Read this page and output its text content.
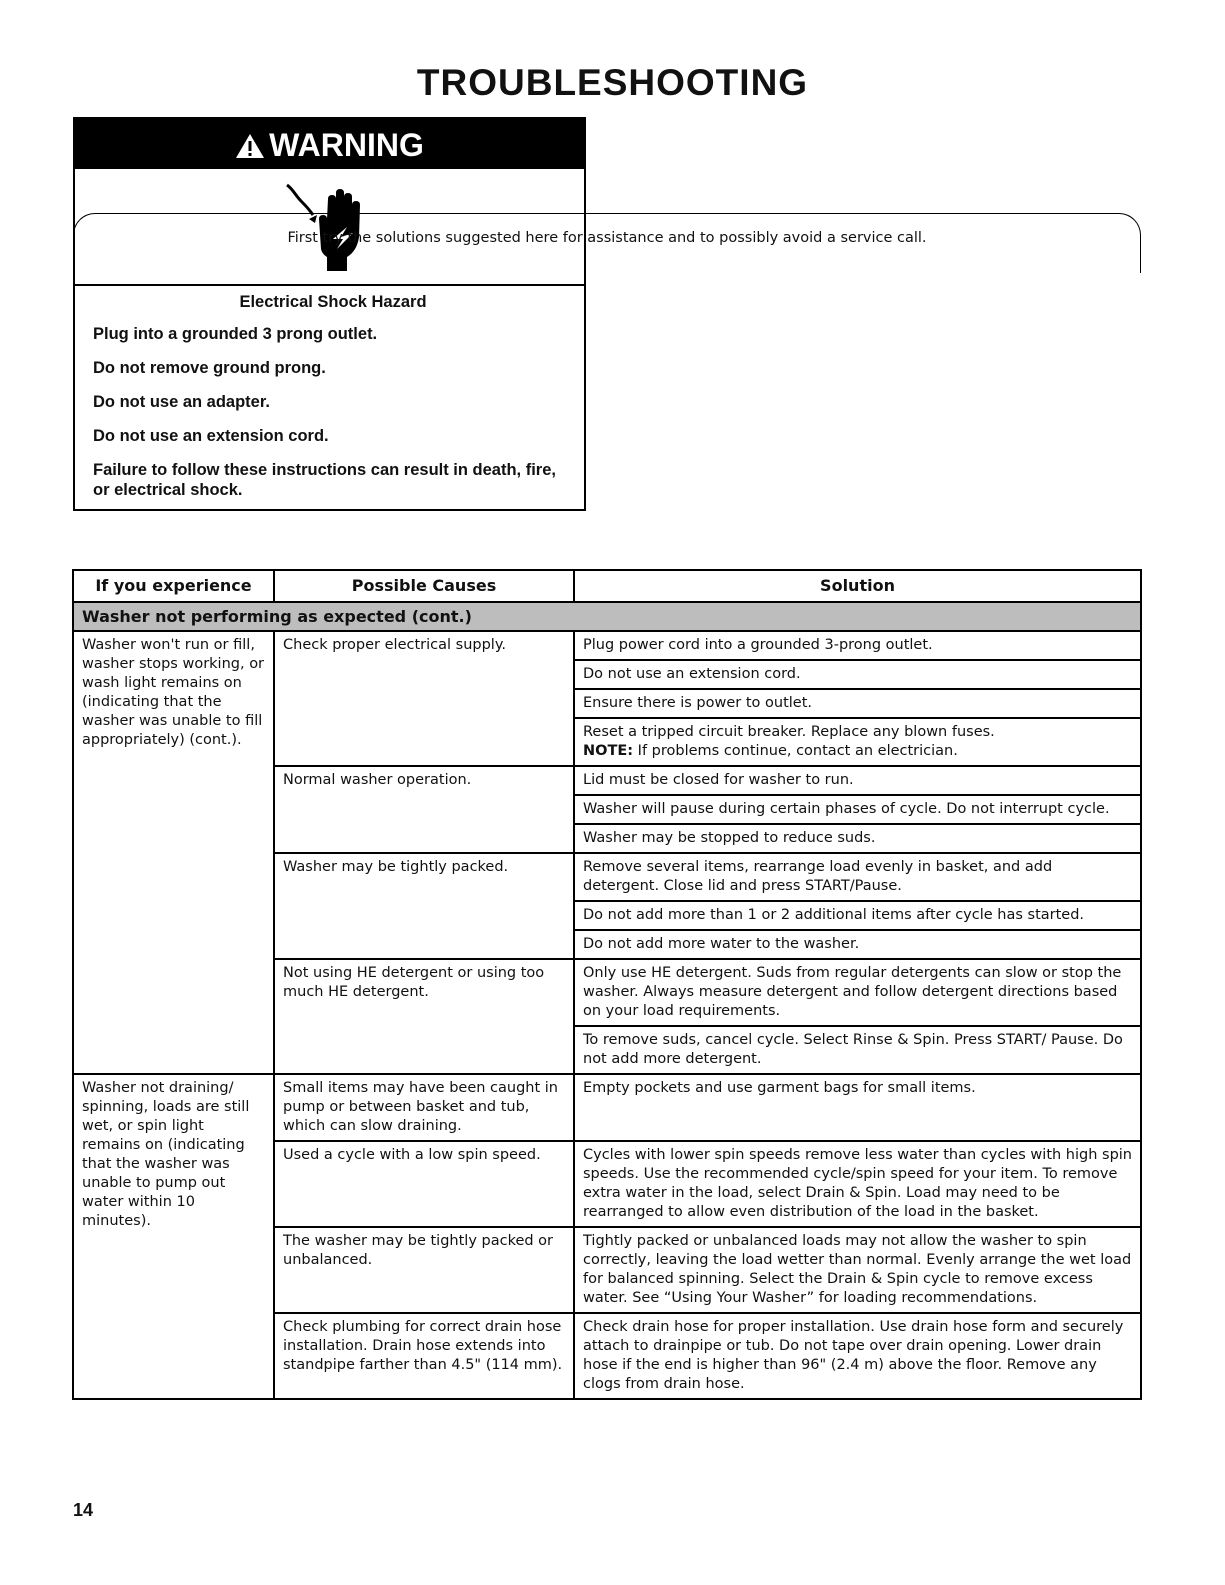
TROUBLESHOOTING
WARNING

Electrical Shock Hazard

Plug into a grounded 3 prong outlet.

Do not remove ground prong.

Do not use an adapter.

Do not use an extension cord.

Failure to follow these instructions can result in death, fire, or electrical shock.

First try the solutions suggested here for assistance and to possibly avoid a service call.
If you experience	Possible Causes	Solution
Washer not performing as expected (cont.)		
Washer won't run or fill, washer stops working, or wash light remains on (indicating that the washer was unable to fill appropriately) (cont.).	Check proper electrical supply.	Plug power cord into a grounded 3-prong outlet.
		Do not use an extension cord.
		Ensure there is power to outlet.
		Reset a tripped circuit breaker. Replace any blown fuses.
NOTE: If problems continue, contact an electrician.
	Normal washer operation.	Lid must be closed for washer to run.
		Washer will pause during certain phases of cycle. Do not interrupt cycle.
		Washer may be stopped to reduce suds.
	Washer may be tightly packed.	Remove several items, rearrange load evenly in basket, and add detergent. Close lid and press START/Pause.
		Do not add more than 1 or 2 additional items after cycle has started.
		Do not add more water to the washer.
	Not using HE detergent or using too much HE detergent.	Only use HE detergent. Suds from regular detergents can slow or stop the washer. Always measure detergent and follow detergent directions based on your load requirements.
		To remove suds, cancel cycle. Select Rinse & Spin. Press START/ Pause. Do not add more detergent.
Washer not draining/ spinning, loads are still wet, or spin light remains on (indicating that the washer was unable to pump out water within 10 minutes).	Small items may have been caught in pump or between basket and tub, which can slow draining.	Empty pockets and use garment bags for small items.
	Used a cycle with a low spin speed.	Cycles with lower spin speeds remove less water than cycles with high spin speeds. Use the recommended cycle/spin speed for your item. To remove extra water in the load, select Drain & Spin. Load may need to be rearranged to allow even distribution of the load in the basket.
	The washer may be tightly packed or unbalanced.	Tightly packed or unbalanced loads may not allow the washer to spin correctly, leaving the load wetter than normal. Evenly arrange the wet load for balanced spinning. Select the Drain & Spin cycle to remove excess water. See “Using Your Washer” for loading recommendations.
	Check plumbing for correct drain hose installation. Drain hose extends into standpipe farther than 4.5" (114 mm).	Check drain hose for proper installation. Use drain hose form and securely attach to drainpipe or tub. Do not tape over drain opening. Lower drain hose if the end is higher than 96" (2.4 m) above the floor. Remove any clogs from drain hose.
14
